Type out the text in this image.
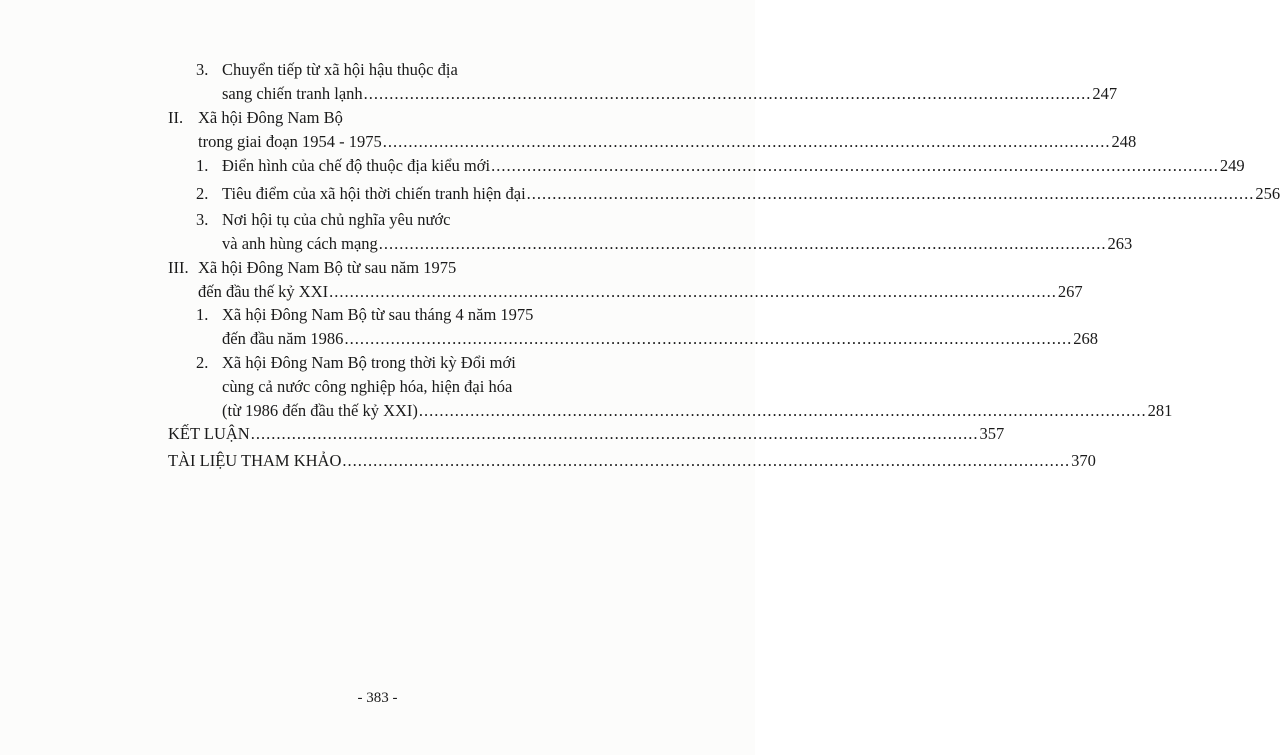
3. Chuyển tiếp từ xã hội hậu thuộc địa
sang chiến tranh lạnh .............................................................................................................................................. 247
II. Xã hội Đông Nam Bộ
trong giai đoạn 1954 - 1975 .............................................................................................................................................. 248
1. Điển hình của chế độ thuộc địa kiểu mới .............................................................................................................................................. 249
2. Tiêu điểm của xã hội thời chiến tranh hiện đại .............................................................................................................................................. 256
3. Nơi hội tụ của chủ nghĩa yêu nước
và anh hùng cách mạng .............................................................................................................................................. 263
III. Xã hội Đông Nam Bộ từ sau năm 1975
đến đầu thế kỷ XXI .............................................................................................................................................. 267
1. Xã hội Đông Nam Bộ từ sau tháng 4 năm 1975
đến đầu năm 1986 .............................................................................................................................................. 268
2. Xã hội Đông Nam Bộ trong thời kỳ Đổi mới
cùng cả nước công nghiệp hóa, hiện đại hóa
(từ 1986 đến đầu thế kỷ XXI) .............................................................................................................................................. 281
KẾT LUẬN .............................................................................................................................................. 357
TÀI LIỆU THAM KHẢO .............................................................................................................................................. 370
- 383 -
